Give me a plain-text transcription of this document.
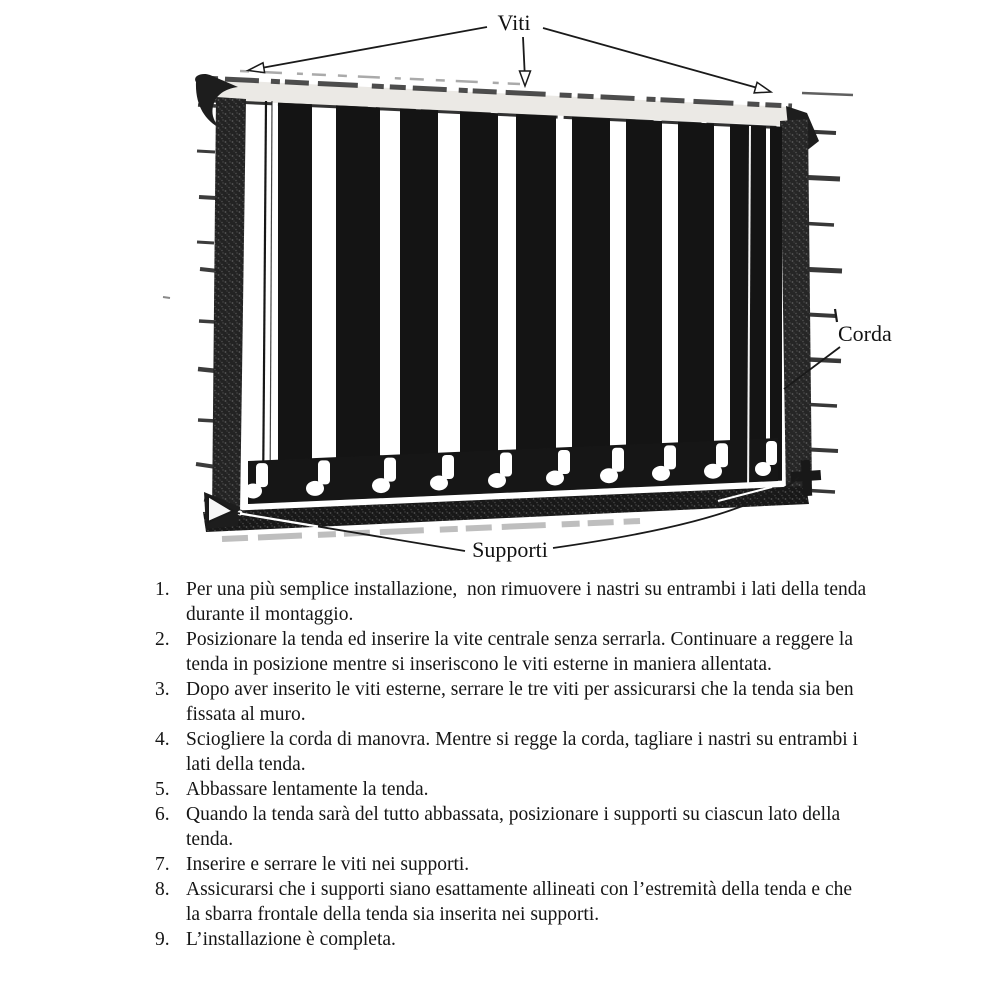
Viti
Corda
Supporti
1. Per una più semplice installazione,  non rimuovere i nastri su entrambi i lati della tenda durante il montaggio.
2. Posizionare la tenda ed inserire la vite centrale senza serrarla. Continuare a reggere la tenda in posizione mentre si inseriscono le viti esterne in maniera allentata.
3. Dopo aver inserito le viti esterne, serrare le tre viti per assicurarsi che la tenda sia ben fissata al muro.
4. Sciogliere la corda di manovra. Mentre si regge la corda, tagliare i nastri su entrambi i lati della tenda.
5. Abbassare lentamente la tenda.
6. Quando la tenda sarà del tutto abbassata, posizionare i supporti su ciascun lato della tenda.
7. Inserire e serrare le viti nei supporti.
8. Assicurarsi che i supporti siano esattamente allineati con l’estremità della tenda e che la sbarra frontale della tenda sia inserita nei supporti.
9. L’installazione è completa.
